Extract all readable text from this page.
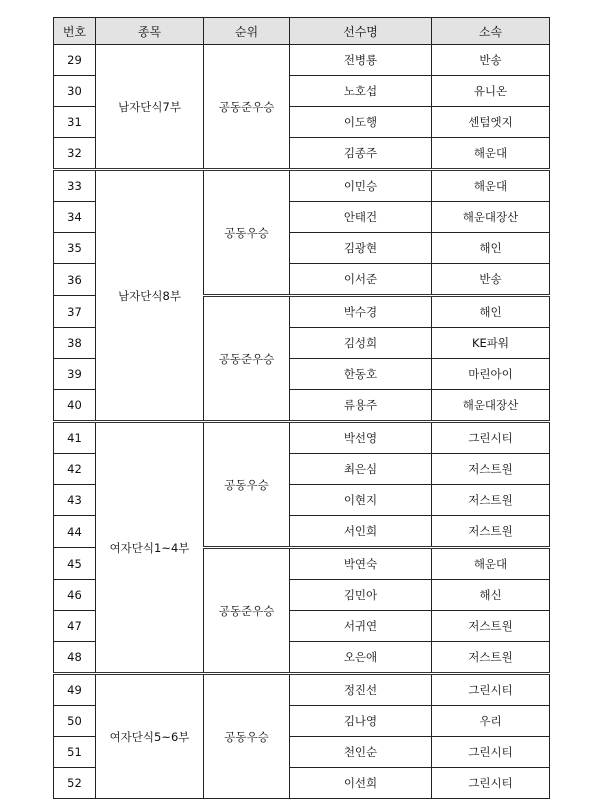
번호	종목	순위	선수명	소속
29	남자단식7부	공동준우승	전병룡	반송
30			노호섭	유니온
31			이도행	센텀엣지
32			김종주	해운대
33	남자단식8부	공동우승	이민승	해운대
34			안태건	해운대장산
35			김광현	해인
36			이서준	반송
37		공동준우승	박수경	해인
38			김성희	KE파워
39			한동호	마린아이
40			류용주	해운대장산
41	여자단식1~4부	공동우승	박선영	그린시티
42			최은심	저스트원
43			이현지	저스트원
44			서인희	저스트원
45		공동준우승	박연숙	해운대
46			김민아	해신
47			서귀연	저스트원
48			오은애	저스트원
49	여자단식5~6부	공동우승	정진선	그린시티
50			김나영	우리
51			천인순	그린시티
52			이선희	그린시티
